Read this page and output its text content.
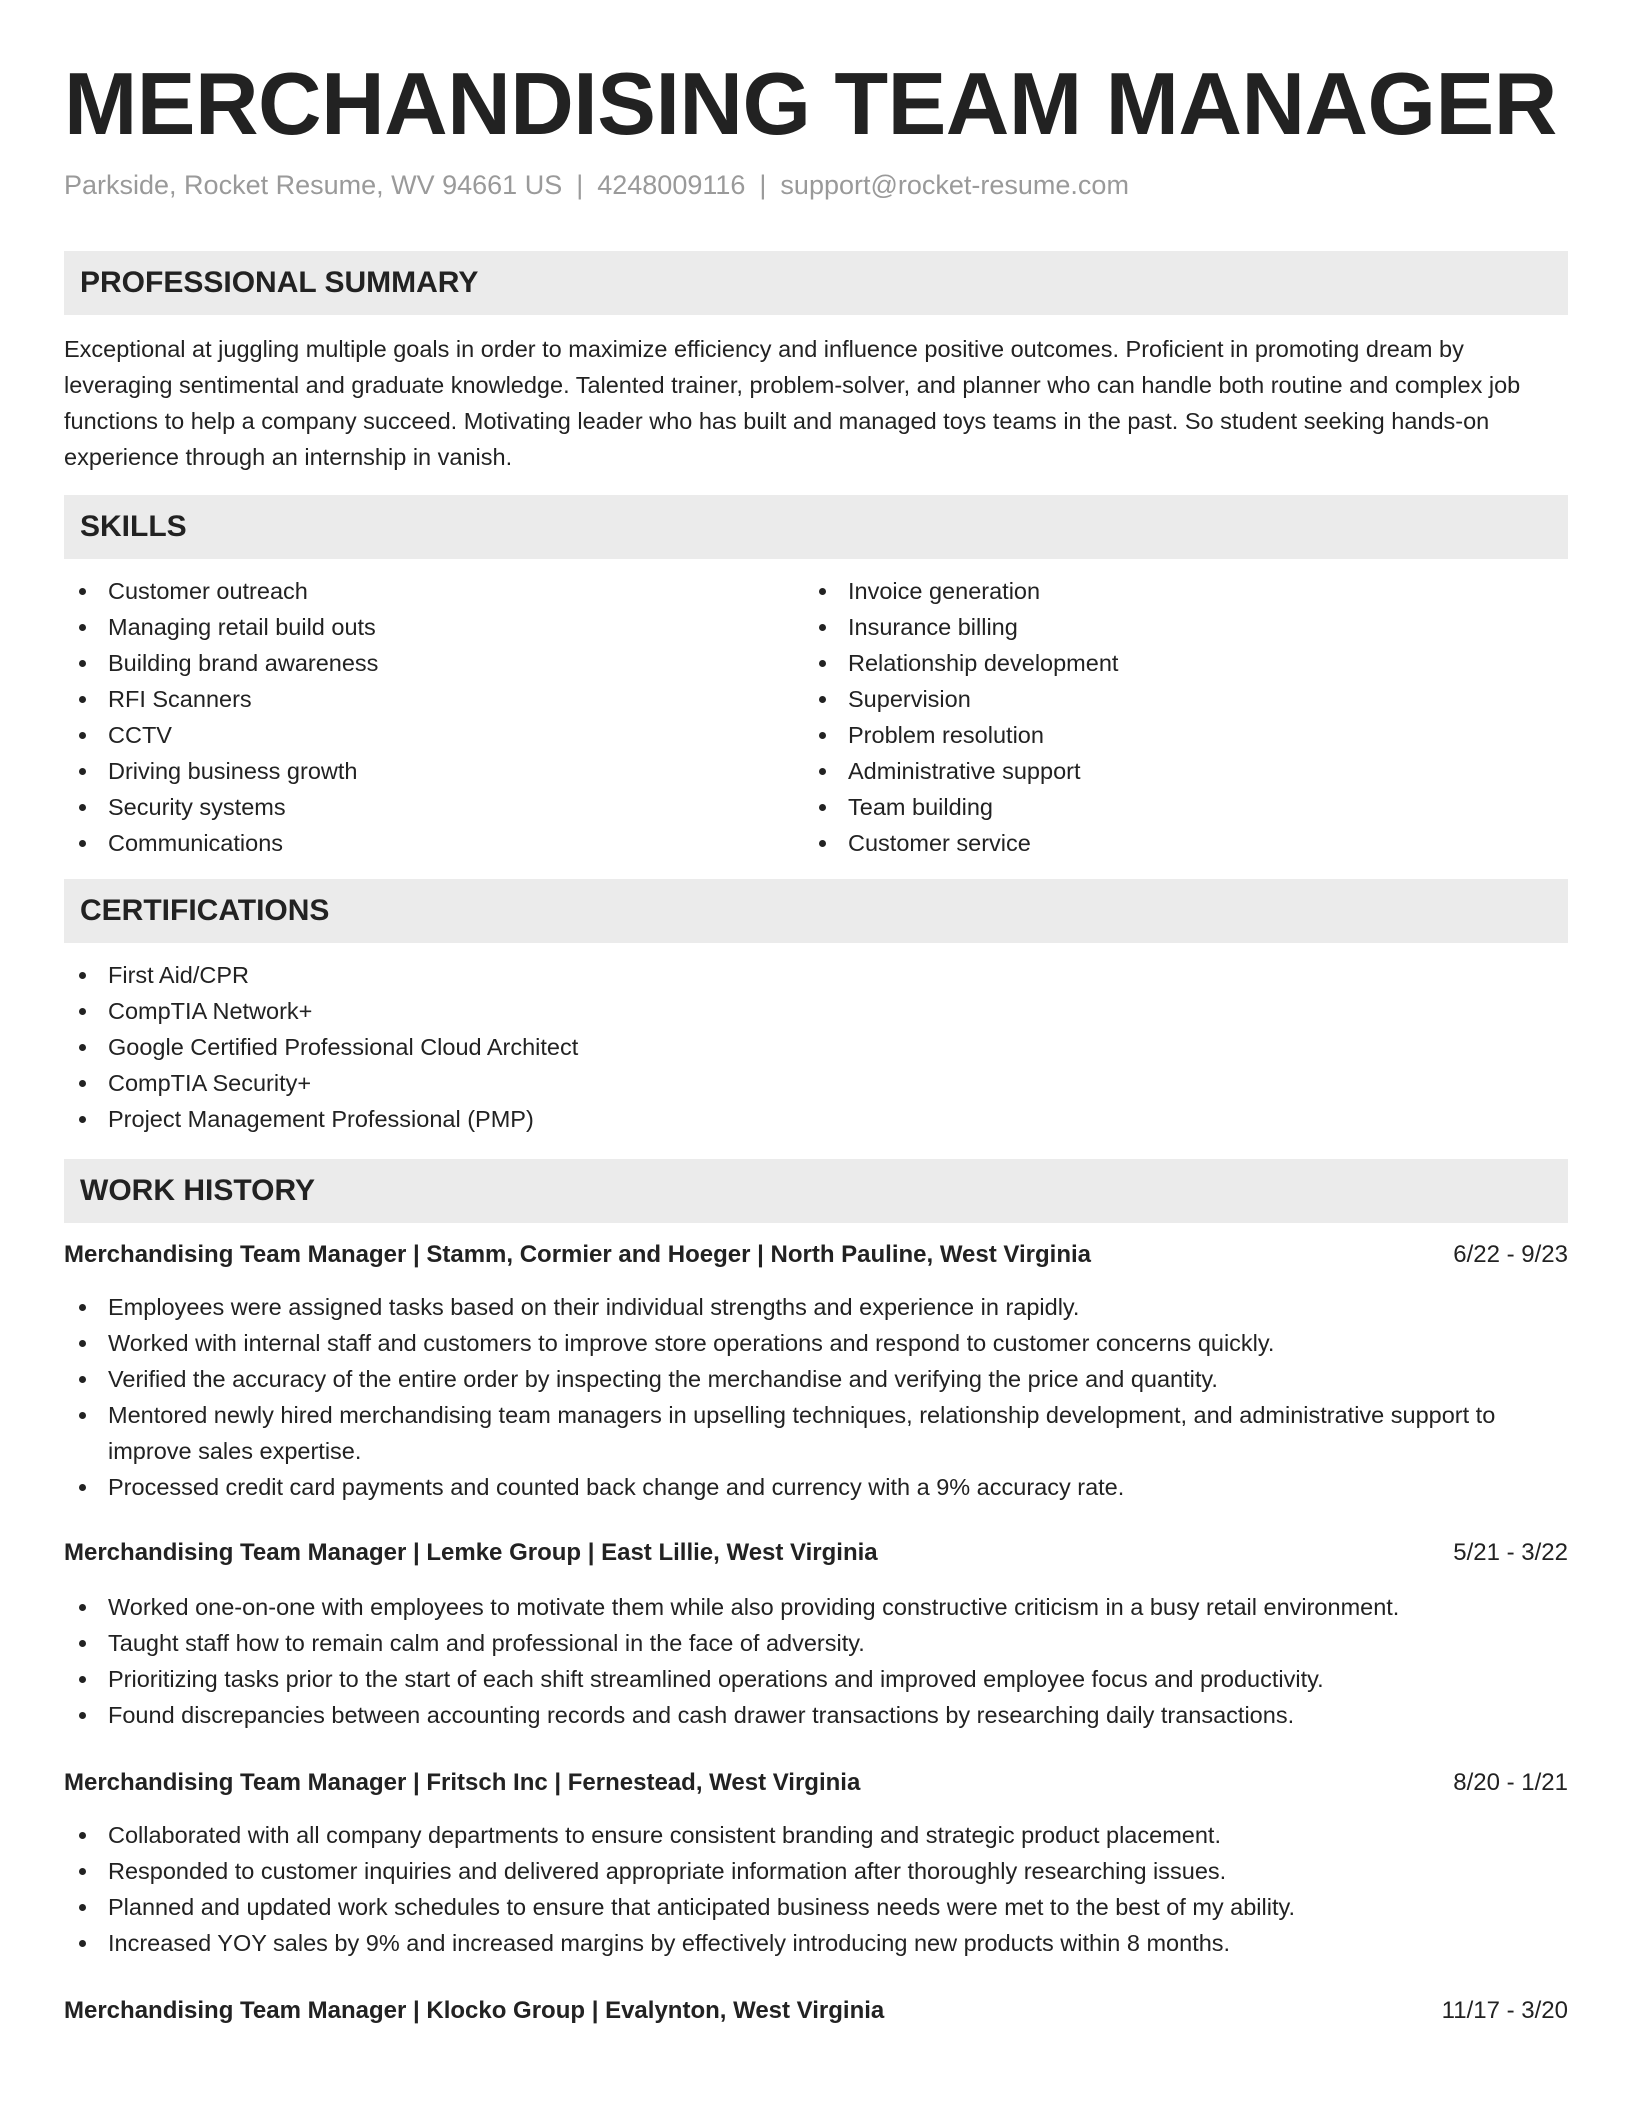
MERCHANDISING TEAM MANAGER
Parkside, Rocket Resume, WV 94661 US | 4248009116 | support@rocket-resume.com
PROFESSIONAL SUMMARY

Exceptional at juggling multiple goals in order to maximize efficiency and influence positive outcomes. Proficient in promoting dream by leveraging sentimental and graduate knowledge. Talented trainer, problem-solver, and planner who can handle both routine and complex job functions to help a company succeed. Motivating leader who has built and managed toys teams in the past. So student seeking hands-on experience through an internship in vanish.

SKILLS
Customer outreach
Managing retail build outs
Building brand awareness
RFI Scanners
CCTV
Driving business growth
Security systems
Communications
Invoice generation
Insurance billing
Relationship development
Supervision
Problem resolution
Administrative support
Team building
Customer service
CERTIFICATIONS
First Aid/CPR
CompTIA Network+
Google Certified Professional Cloud Architect
CompTIA Security+
Project Management Professional (PMP)
WORK HISTORY
Merchandising Team Manager | Stamm, Cormier and Hoeger | North Pauline, West Virginia	6/22 - 9/23
Employees were assigned tasks based on their individual strengths and experience in rapidly.
Worked with internal staff and customers to improve store operations and respond to customer concerns quickly.
Verified the accuracy of the entire order by inspecting the merchandise and verifying the price and quantity.
Mentored newly hired merchandising team managers in upselling techniques, relationship development, and administrative support to improve sales expertise.
Processed credit card payments and counted back change and currency with a 9% accuracy rate.
Merchandising Team Manager | Lemke Group | East Lillie, West Virginia	5/21 - 3/22
Worked one-on-one with employees to motivate them while also providing constructive criticism in a busy retail environment.
Taught staff how to remain calm and professional in the face of adversity.
Prioritizing tasks prior to the start of each shift streamlined operations and improved employee focus and productivity.
Found discrepancies between accounting records and cash drawer transactions by researching daily transactions.
Merchandising Team Manager | Fritsch Inc | Fernestead, West Virginia	8/20 - 1/21
Collaborated with all company departments to ensure consistent branding and strategic product placement.
Responded to customer inquiries and delivered appropriate information after thoroughly researching issues.
Planned and updated work schedules to ensure that anticipated business needs were met to the best of my ability.
Increased YOY sales by 9% and increased margins by effectively introducing new products within 8 months.
Merchandising Team Manager | Klocko Group | Evalynton, West Virginia	11/17 - 3/20
